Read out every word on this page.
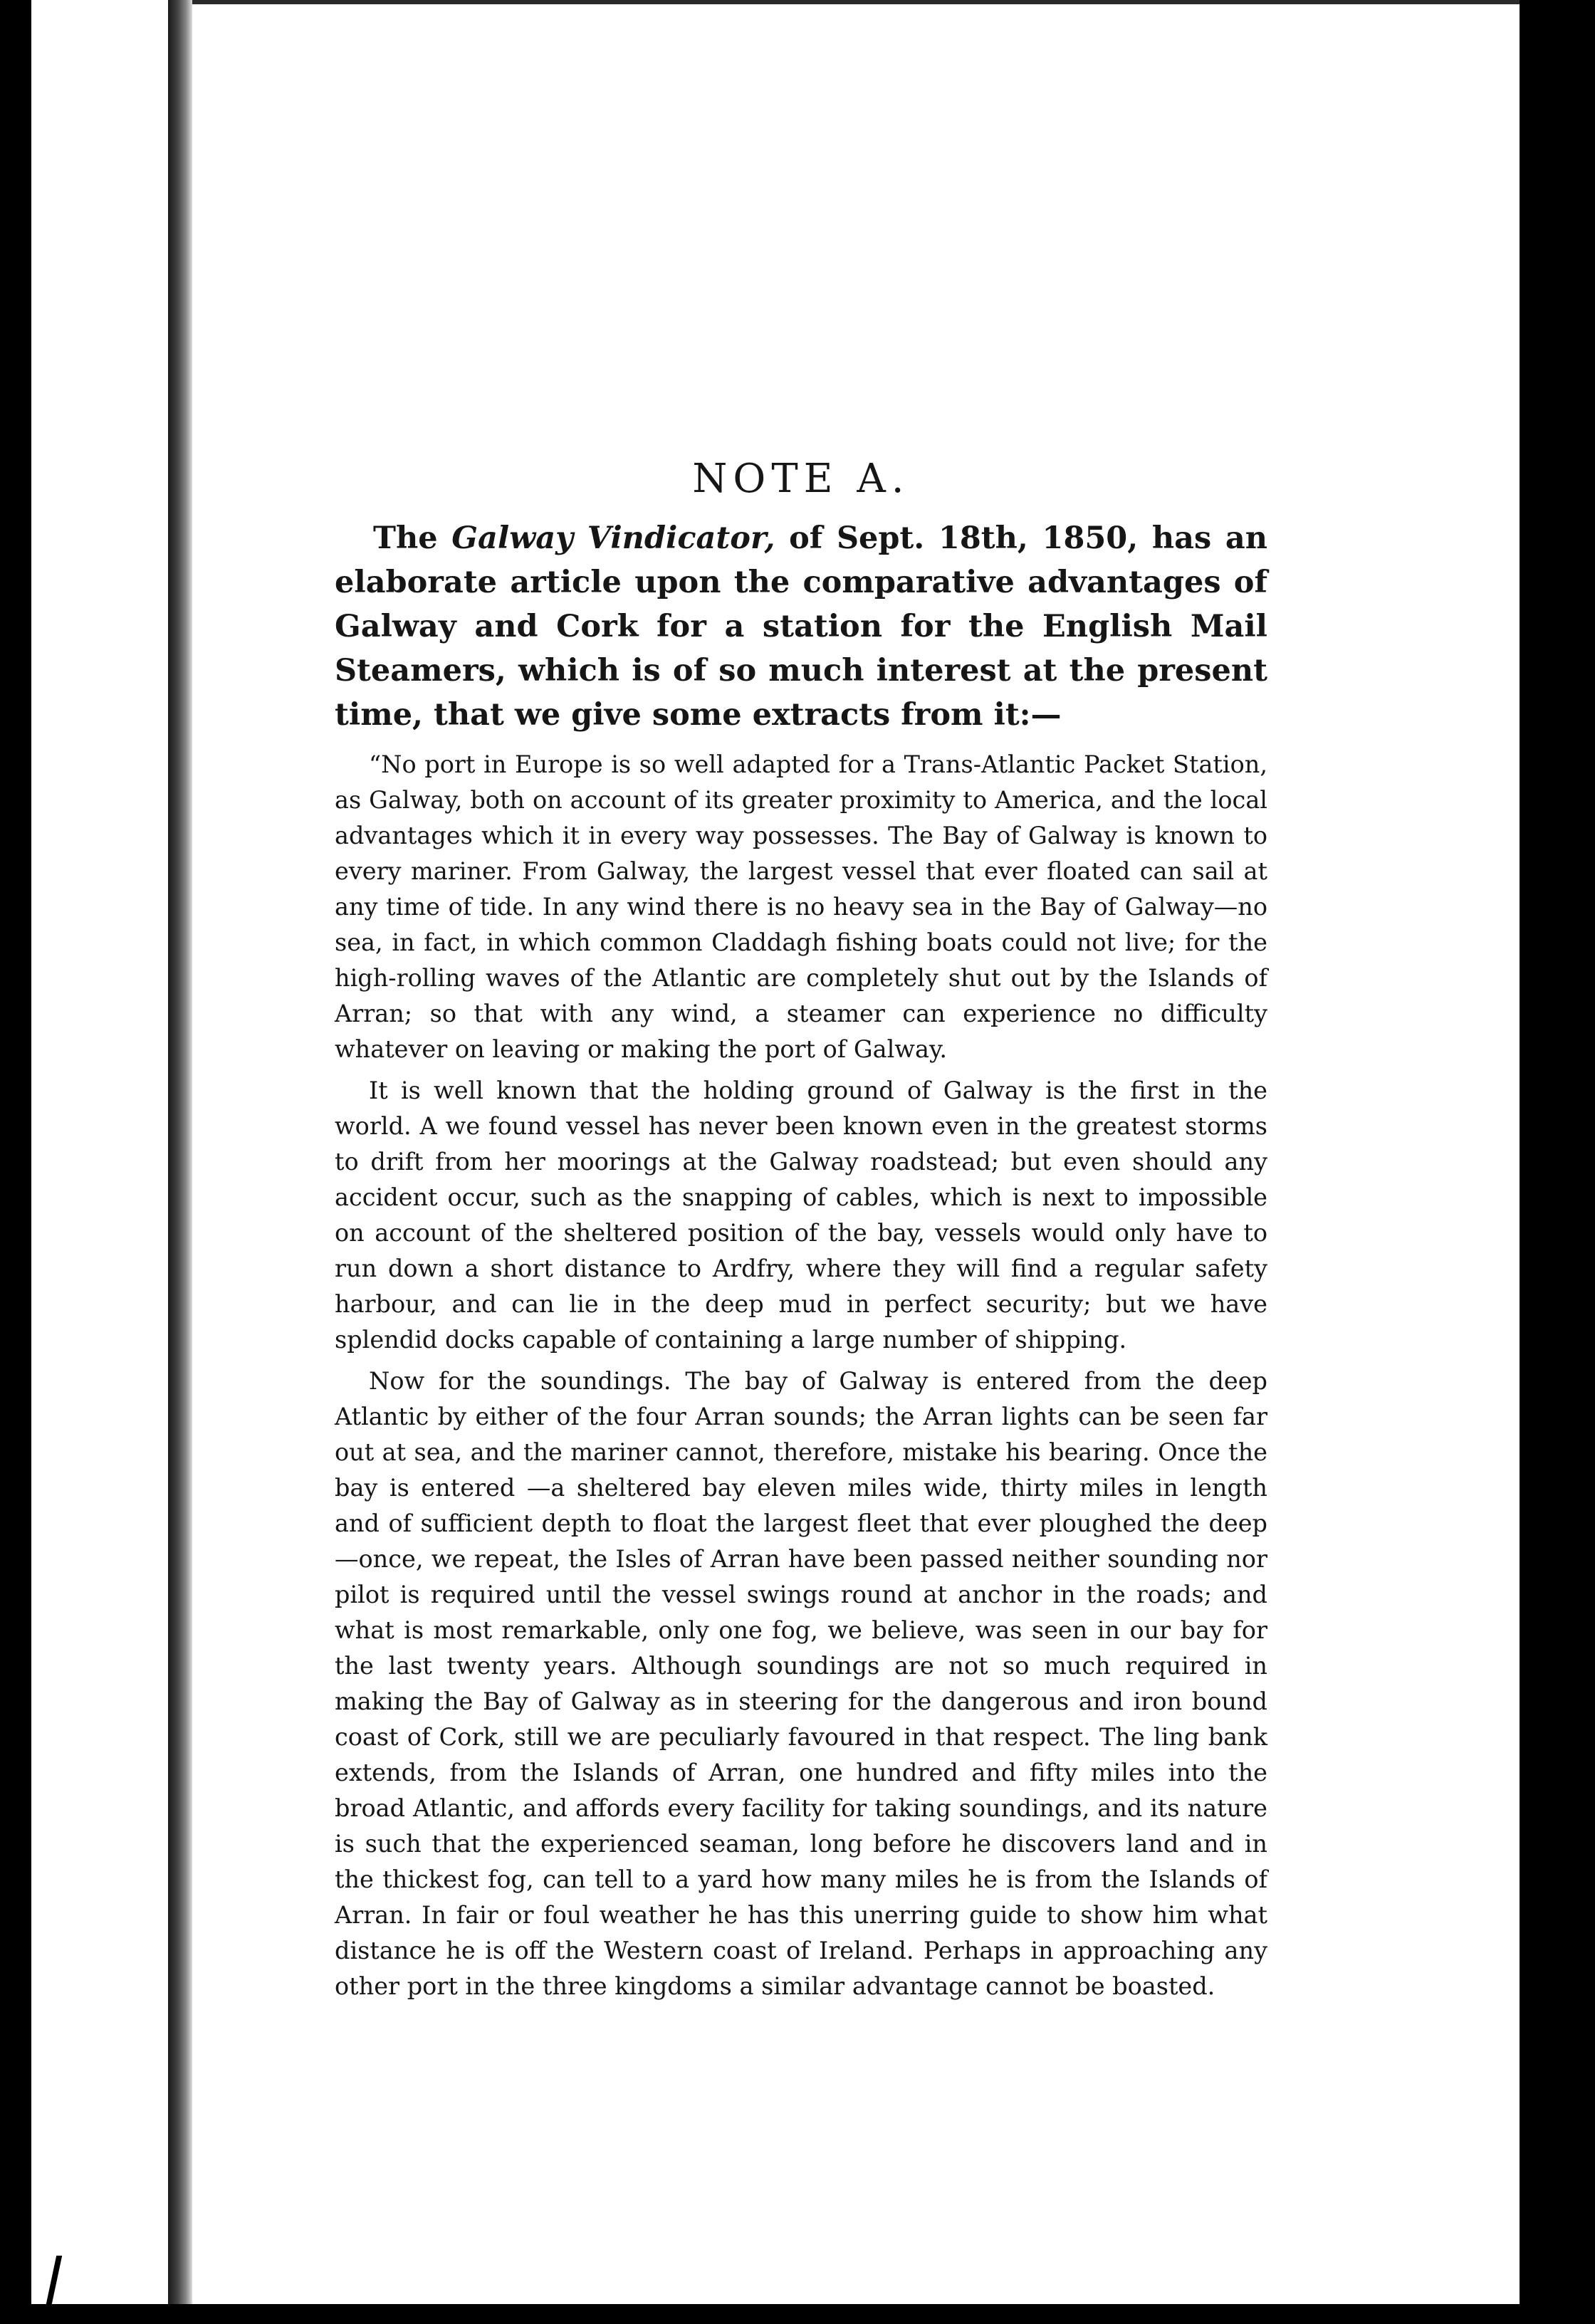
NOTE A.

The Galway Vindicator, of Sept. 18th, 1850, has an elaborate article upon the comparative advantages of Galway and Cork for a station for the English Mail Steamers, which is of so much interest at the present time, that we give some extracts from it:—

“No port in Europe is so well adapted for a Trans-Atlantic Packet Station, as Galway, both on account of its greater proximity to America, and the local advantages which it in every way possesses. The Bay of Galway is known to every mariner. From Galway, the largest vessel that ever floated can sail at any time of tide. In any wind there is no heavy sea in the Bay of Galway—no sea, in fact, in which common Claddagh fishing boats could not live; for the high-rolling waves of the Atlantic are completely shut out by the Islands of Arran; so that with any wind, a steamer can experience no difficulty whatever on leaving or making the port of Galway.

It is well known that the holding ground of Galway is the first in the world. A we found vessel has never been known even in the greatest storms to drift from her moorings at the Galway roadstead; but even should any accident occur, such as the snapping of cables, which is next to impossible on account of the sheltered position of the bay, vessels would only have to run down a short distance to Ardfry, where they will find a regular safety harbour, and can lie in the deep mud in perfect security; but we have splendid docks capable of containing a large number of shipping.

Now for the soundings. The bay of Galway is entered from the deep Atlantic by either of the four Arran sounds; the Arran lights can be seen far out at sea, and the mariner cannot, therefore, mistake his bearing. Once the bay is entered —a sheltered bay eleven miles wide, thirty miles in length and of sufficient depth to float the largest fleet that ever ploughed the deep—once, we repeat, the Isles of Arran have been passed neither sounding nor pilot is required until the vessel swings round at anchor in the roads; and what is most remarkable, only one fog, we believe, was seen in our bay for the last twenty years. Although soundings are not so much required in making the Bay of Galway as in steering for the dangerous and iron bound coast of Cork, still we are peculiarly favoured in that respect. The ling bank extends, from the Islands of Arran, one hundred and fifty miles into the broad Atlantic, and affords every facility for taking soundings, and its nature is such that the experienced seaman, long before he discovers land and in the thickest fog, can tell to a yard how many miles he is from the Islands of Arran. In fair or foul weather he has this unerring guide to show him what distance he is off the Western coast of Ireland. Perhaps in approaching any other port in the three kingdoms a similar advantage cannot be boasted.
